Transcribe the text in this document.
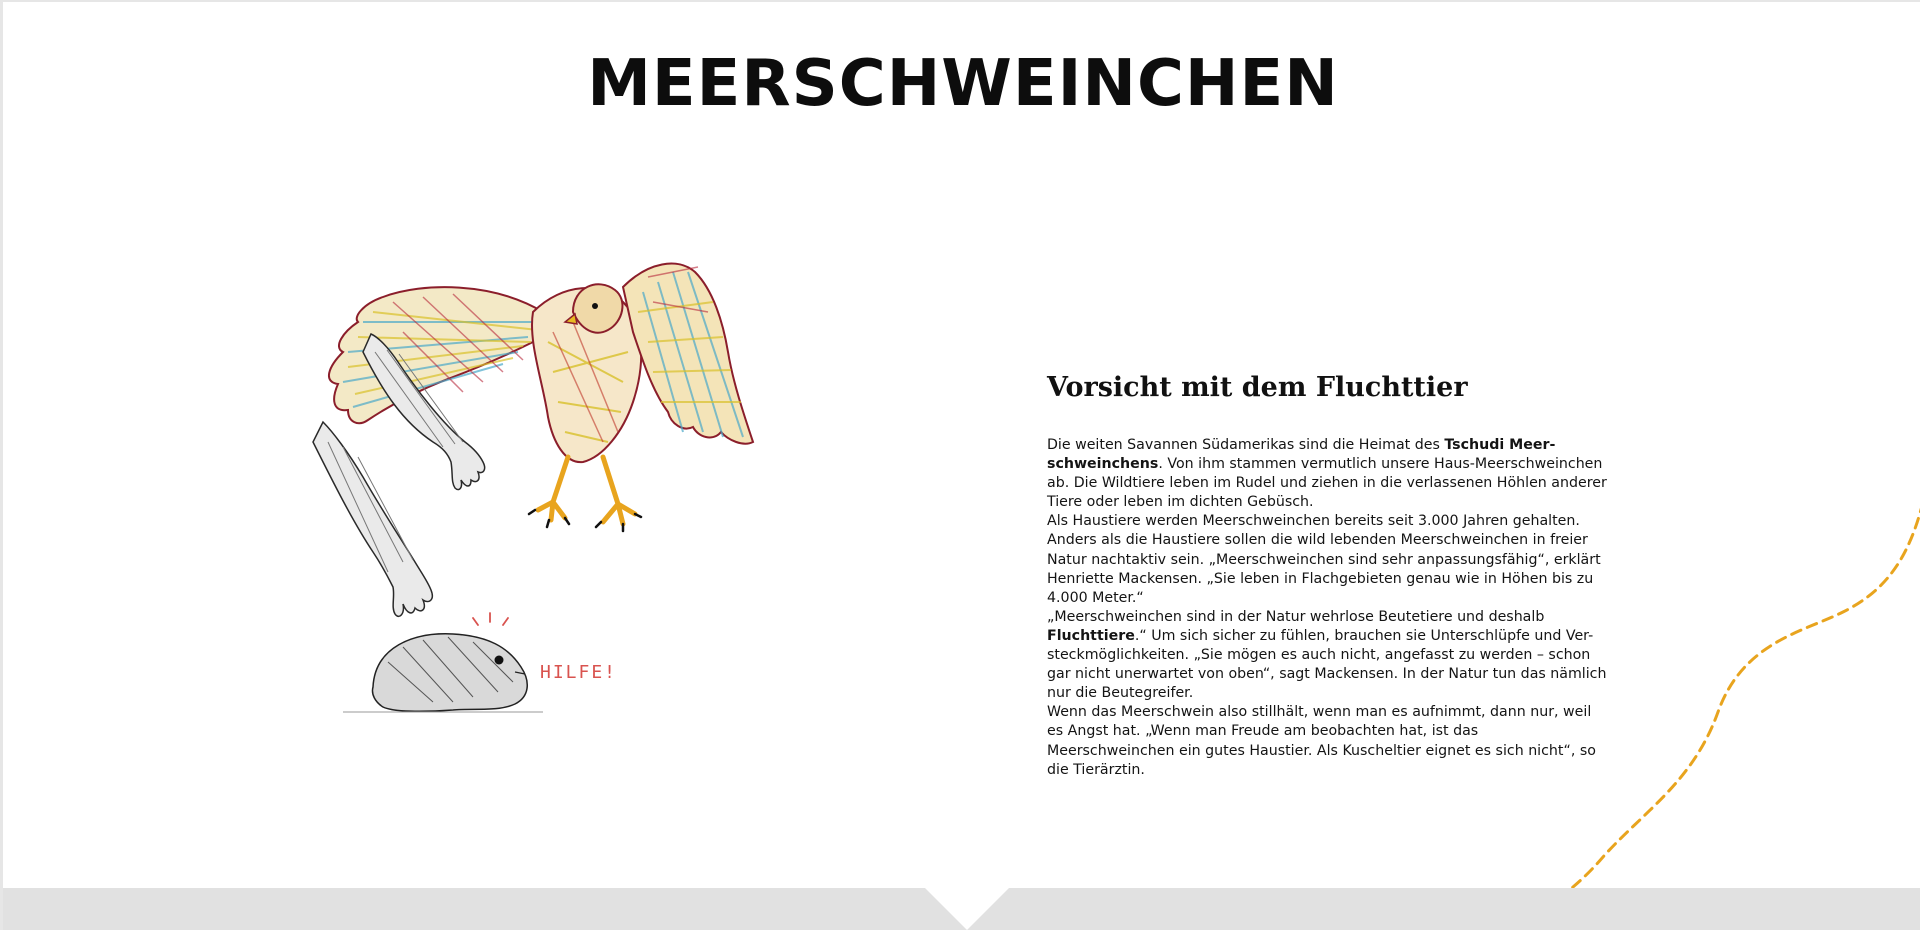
MEERSCHWEINCHEN
HILFE!
Vorsicht mit dem Fluchttier

Die weiten Savannen Südamerikas sind die Heimat des Tschudi Meer-schweinchens. Von ihm stammen vermutlich unsere Haus-Meerschweinchen ab. Die Wildtiere leben im Rudel und ziehen in die verlassenen Höhlen anderer Tiere oder leben im dichten Gebüsch.

Als Haustiere werden Meerschweinchen bereits seit 3.000 Jahren gehalten. Anders als die Haustiere sollen die wild lebenden Meerschweinchen in freier Natur nachtaktiv sein. „Meerschweinchen sind sehr anpassungsfähig“, erklärt Henriette Mackensen. „Sie leben in Flachgebieten genau wie in Höhen bis zu 4.000 Meter.“

„Meerschweinchen sind in der Natur wehrlose Beutetiere und deshalb Fluchttiere.“ Um sich sicher zu fühlen, brauchen sie Unterschlüpfe und Ver-steckmöglichkeiten. „Sie mögen es auch nicht, angefasst zu werden – schon gar nicht unerwartet von oben“, sagt Mackensen. In der Natur tun das nämlich nur die Beutegreifer.

Wenn das Meerschwein also stillhält, wenn man es aufnimmt, dann nur, weil es Angst hat. „Wenn man Freude am beobachten hat, ist das Meerschweinchen ein gutes Haustier. Als Kuscheltier eignet es sich nicht“, so die Tierärztin.
